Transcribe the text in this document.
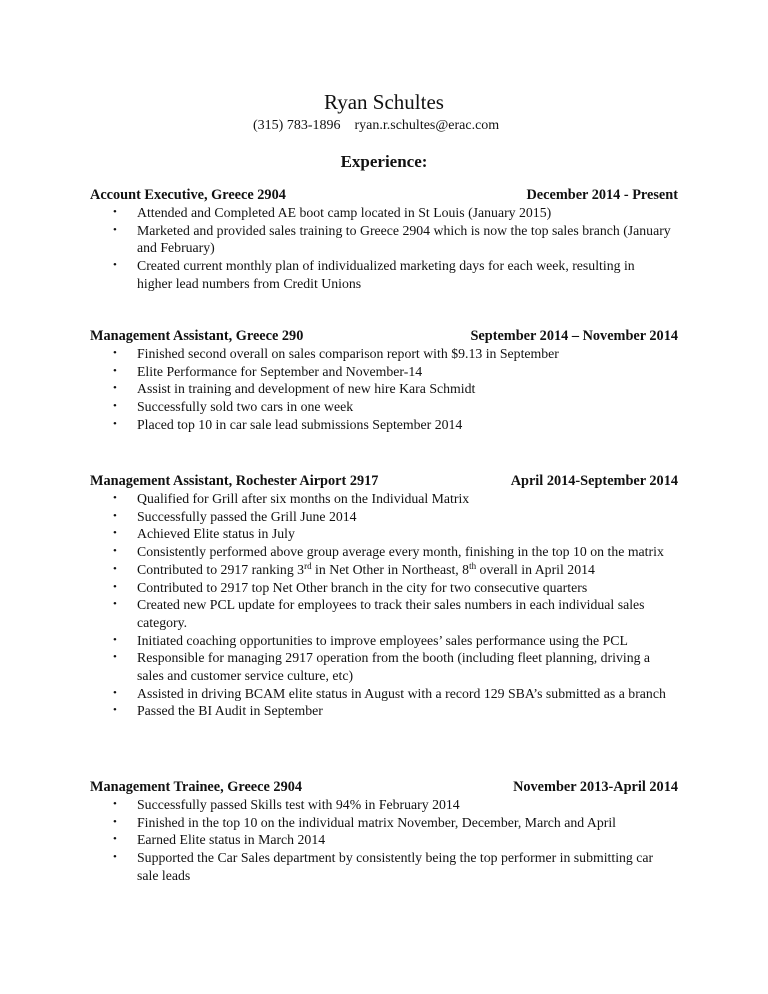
Ryan Schultes
(315) 783-1896 ryan.r.schultes@erac.com
Experience:
Account Executive, Greece 2904	December 2014 - Present
• Attended and Completed AE boot camp located in St Louis (January 2015)
• Marketed and provided sales training to Greece 2904 which is now the top sales branch (January and February)
• Created current monthly plan of individualized marketing days for each week, resulting in higher lead numbers from Credit Unions
Management Assistant, Greece 290	September 2014 – November 2014
• Finished second overall on sales comparison report with $9.13 in September
• Elite Performance for September and November-14
• Assist in training and development of new hire Kara Schmidt
• Successfully sold two cars in one week
• Placed top 10 in car sale lead submissions September 2014
Management Assistant, Rochester Airport 2917	April 2014-September 2014
• Qualified for Grill after six months on the Individual Matrix
• Successfully passed the Grill June 2014
• Achieved Elite status in July
• Consistently performed above group average every month, finishing in the top 10 on the matrix
• Contributed to 2917 ranking 3rd in Net Other in Northeast, 8th overall in April 2014
• Contributed to 2917 top Net Other branch in the city for two consecutive quarters
• Created new PCL update for employees to track their sales numbers in each individual sales category.
• Initiated coaching opportunities to improve employees’ sales performance using the PCL
• Responsible for managing 2917 operation from the booth (including fleet planning, driving a sales and customer service culture, etc)
• Assisted in driving BCAM elite status in August with a record 129 SBA’s submitted as a branch
• Passed the BI Audit in September
Management Trainee, Greece 2904	November 2013-April 2014
• Successfully passed Skills test with 94% in February 2014
• Finished in the top 10 on the individual matrix November, December, March and April
• Earned Elite status in March 2014
• Supported the Car Sales department by consistently being the top performer in submitting car sale leads
